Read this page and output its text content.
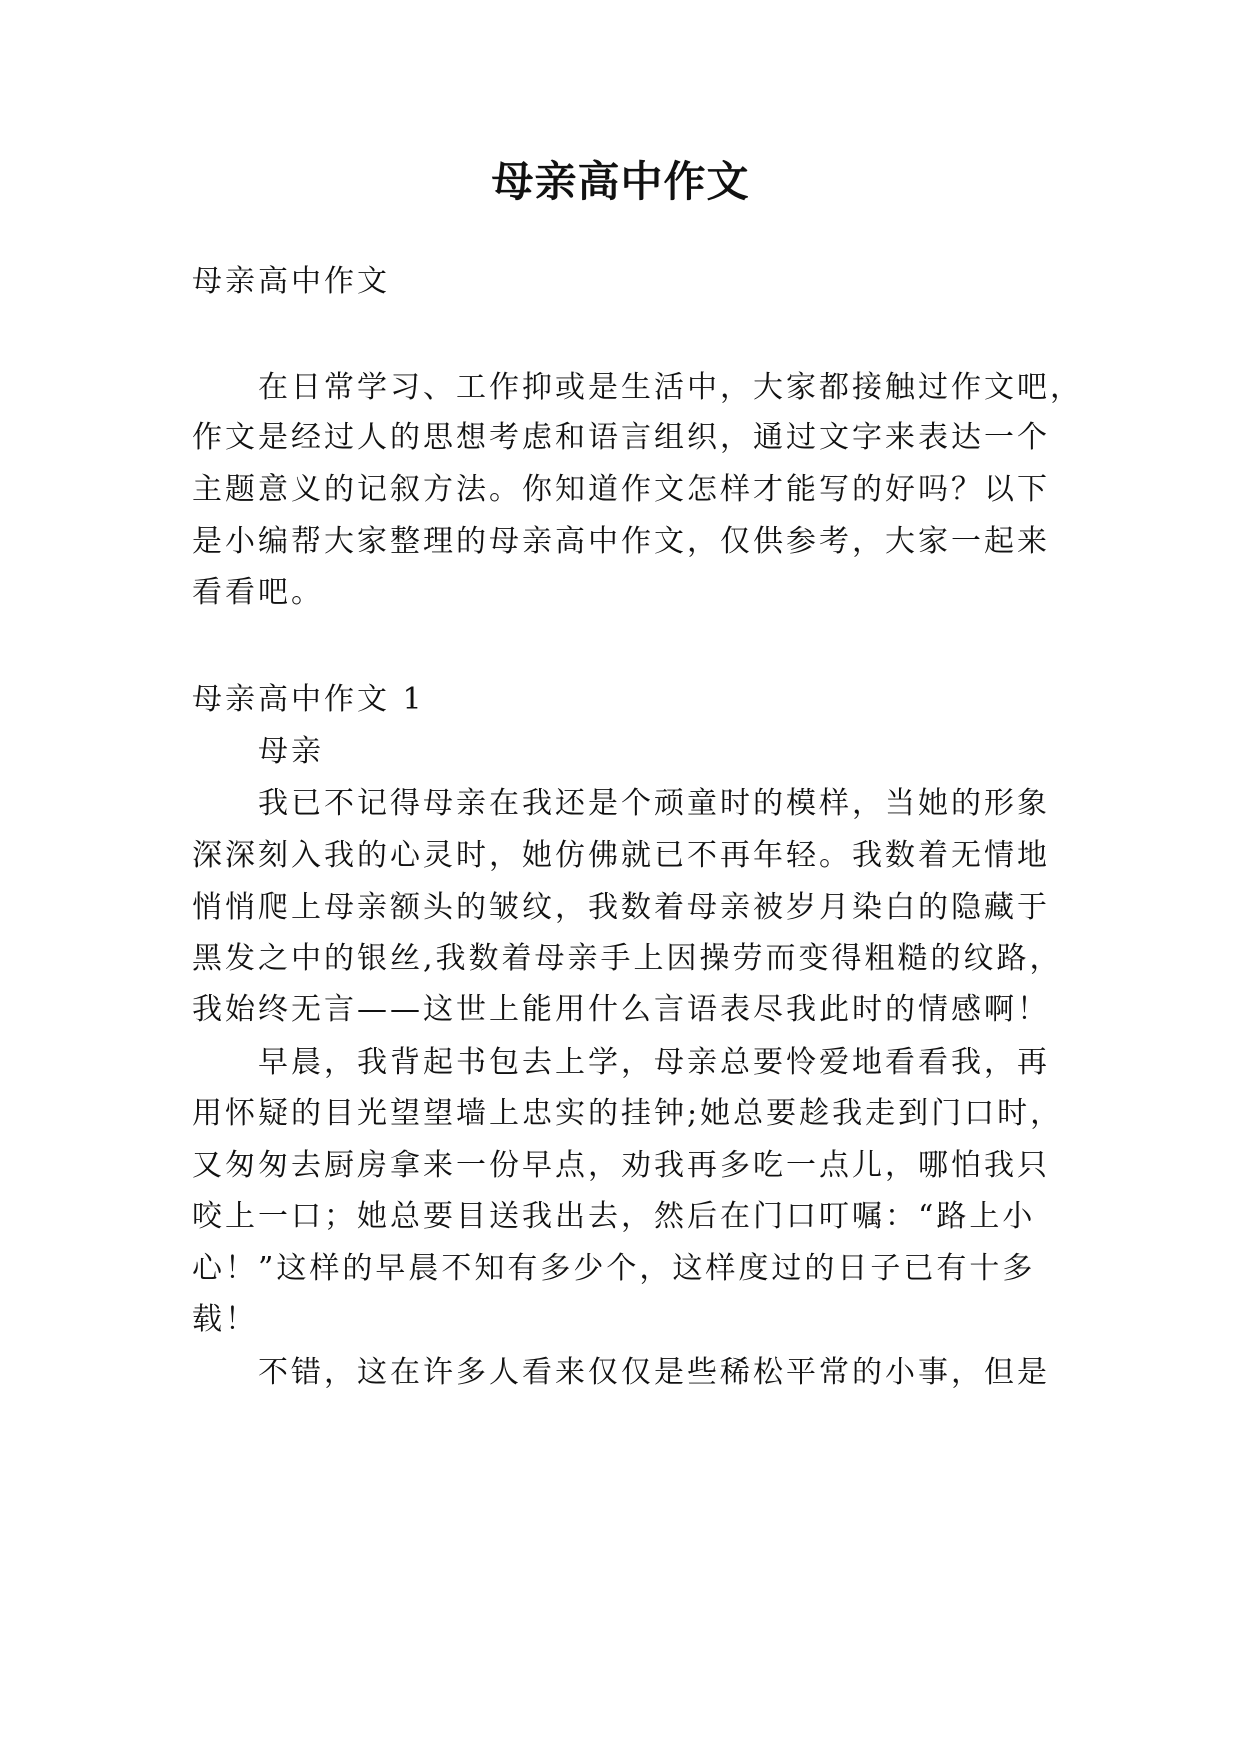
母亲高中作文
母亲高中作文
在日常学习、工作抑或是生活中，大家都接触过作文吧，
作文是经过人的思想考虑和语言组织，通过文字来表达一个
主题意义的记叙方法。你知道作文怎样才能写的好吗？以下
是小编帮大家整理的母亲高中作文，仅供参考，大家一起来
看看吧。
母亲高中作文 1
母亲
我已不记得母亲在我还是个顽童时的模样，当她的形象
深深刻入我的心灵时，她仿佛就已不再年轻。我数着无情地
悄悄爬上母亲额头的皱纹，我数着母亲被岁月染白的隐藏于
黑发之中的银丝,我数着母亲手上因操劳而变得粗糙的纹路，
我始终无言——这世上能用什么言语表尽我此时的情感啊！
早晨，我背起书包去上学，母亲总要怜爱地看看我，再
用怀疑的目光望望墙上忠实的挂钟;她总要趁我走到门口时，
又匆匆去厨房拿来一份早点，劝我再多吃一点儿，哪怕我只
咬上一口；她总要目送我出去，然后在门口叮嘱：“路上小
心！”这样的早晨不知有多少个，这样度过的日子已有十多
载！
不错，这在许多人看来仅仅是些稀松平常的小事，但是
